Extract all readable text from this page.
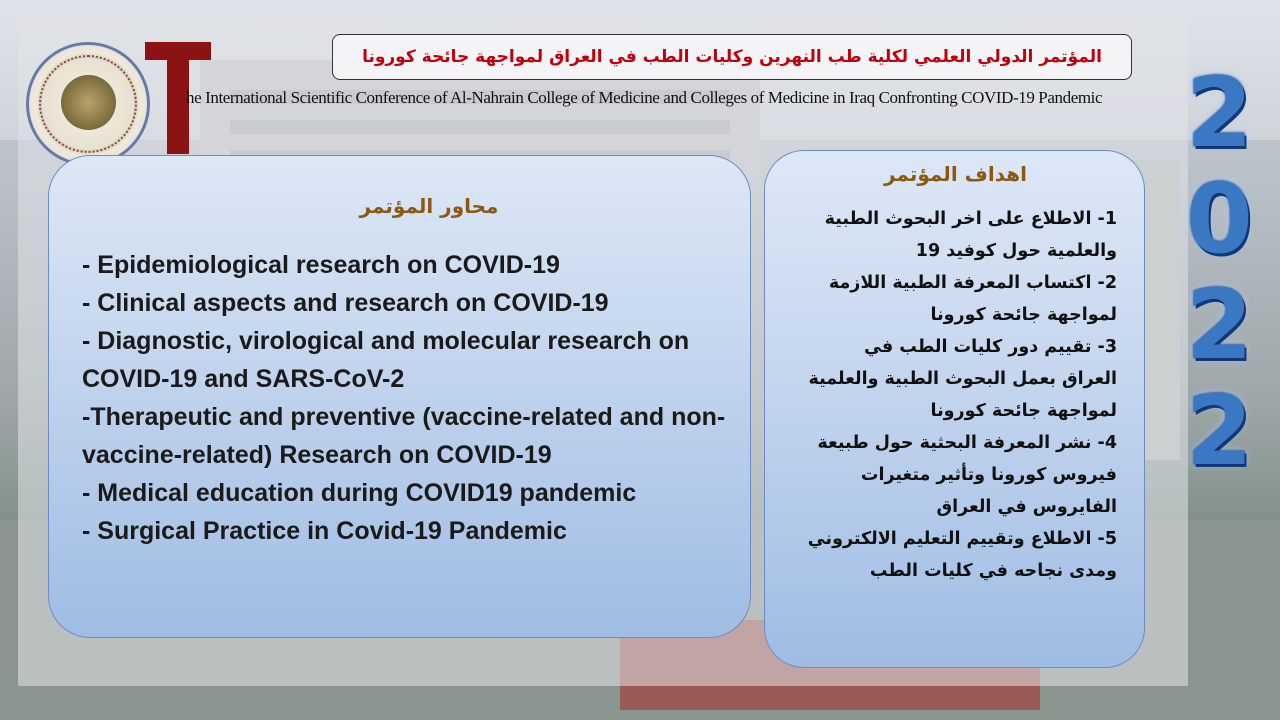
المؤتمر الدولي العلمي لكلية طب النهرين وكليات الطب في العراق لمواجهة جائحة كورونا
he International Scientific Conference of Al-Nahrain College of Medicine and Colleges of Medicine in Iraq Confronting COVID-19 Pandemic 2
0
2
2
محاور المؤتمر
- Epidemiological research on COVID-19
- Clinical aspects and research on COVID-19
- Diagnostic, virological and molecular research on COVID-19 and SARS-CoV-2
-Therapeutic and preventive (vaccine-related and non-vaccine-related) Research on COVID-19
- Medical education during COVID19 pandemic
- Surgical Practice in Covid-19 Pandemic
اهداف المؤتمر
1- الاطلاع على اخر البحوث الطبية والعلمية حول كوفيد 19
2- اكتساب المعرفة الطبية اللازمة لمواجهة جائحة كورونا
3- تقييم دور كليات الطب في العراق بعمل البحوث الطبية والعلمية لمواجهة جائحة كورونا
4- نشر المعرفة البحثية حول طبيعة فيروس كورونا وتأثير متغيرات الفايروس في العراق
5- الاطلاع وتقييم التعليم الالكتروني ومدى نجاحه في كليات الطب
